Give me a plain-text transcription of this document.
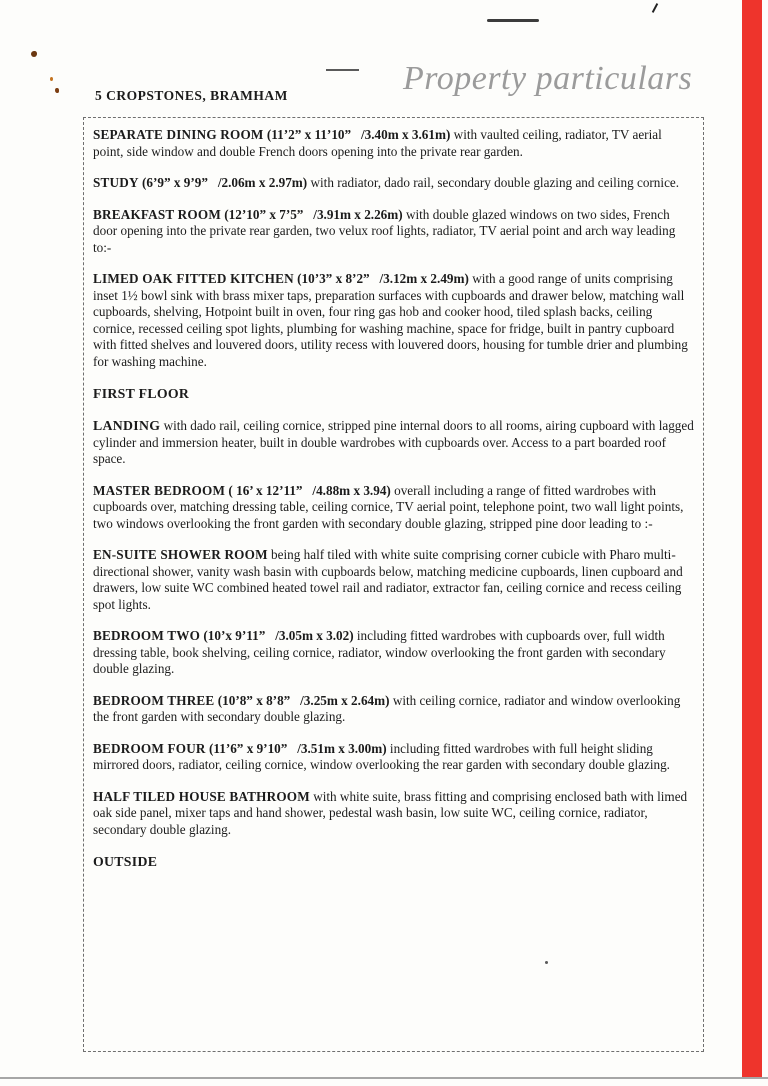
Property particulars
5 CROPSTONES, BRAMHAM

SEPARATE DINING ROOM (11’2” x 11’10”   /3.40m x 3.61m) with vaulted ceiling, radiator, TV aerial point, side window and double French doors opening into the private rear garden.

STUDY (6’9” x 9’9”   /2.06m x 2.97m) with radiator, dado rail, secondary double glazing and ceiling cornice.

BREAKFAST ROOM (12’10” x 7’5”   /3.91m x 2.26m) with double glazed windows on two sides, French door opening into the private rear garden, two velux roof lights, radiator, TV aerial point and arch way leading to:-

LIMED OAK FITTED KITCHEN (10’3” x 8’2”   /3.12m x 2.49m) with a good range of units comprising inset 1½ bowl sink with brass mixer taps, preparation surfaces with cupboards and drawer below, matching wall cupboards, shelving, Hotpoint built in oven, four ring gas hob and cooker hood, tiled splash backs, ceiling cornice, recessed ceiling spot lights, plumbing for washing machine, space for fridge, built in pantry cupboard with fitted shelves and louvered doors, utility recess with louvered doors, housing for tumble drier and plumbing for washing machine.

FIRST FLOOR

LANDING with dado rail, ceiling cornice, stripped pine internal doors to all rooms, airing cupboard with lagged cylinder and immersion heater, built in double wardrobes with cupboards over. Access to a part boarded roof space.

MASTER BEDROOM ( 16’ x 12’11”   /4.88m x 3.94) overall including a range of fitted wardrobes with cupboards over, matching dressing table, ceiling cornice, TV aerial point, telephone point, two wall light points, two windows overlooking the front garden with secondary double glazing, stripped pine door leading to :-

EN-SUITE SHOWER ROOM being half tiled with white suite comprising corner cubicle with Pharo multi-directional shower, vanity wash basin with cupboards below, matching medicine cupboards, linen cupboard and drawers, low suite WC combined heated towel rail and radiator, extractor fan, ceiling cornice and recess ceiling spot lights.

BEDROOM TWO (10’x 9’11”   /3.05m x 3.02) including fitted wardrobes with cupboards over, full width dressing table, book shelving, ceiling cornice, radiator, window overlooking the front garden with secondary double glazing.

BEDROOM THREE (10’8” x 8’8”   /3.25m x 2.64m) with ceiling cornice, radiator and window overlooking the front garden with secondary double glazing.

BEDROOM FOUR (11’6” x 9’10”   /3.51m x 3.00m) including fitted wardrobes with full height sliding mirrored doors, radiator, ceiling cornice, window overlooking the rear garden with secondary double glazing.

HALF TILED HOUSE BATHROOM with white suite, brass fitting and comprising enclosed bath with limed oak side panel, mixer taps and hand shower, pedestal wash basin, low suite WC, ceiling cornice, radiator, secondary double glazing.

OUTSIDE
